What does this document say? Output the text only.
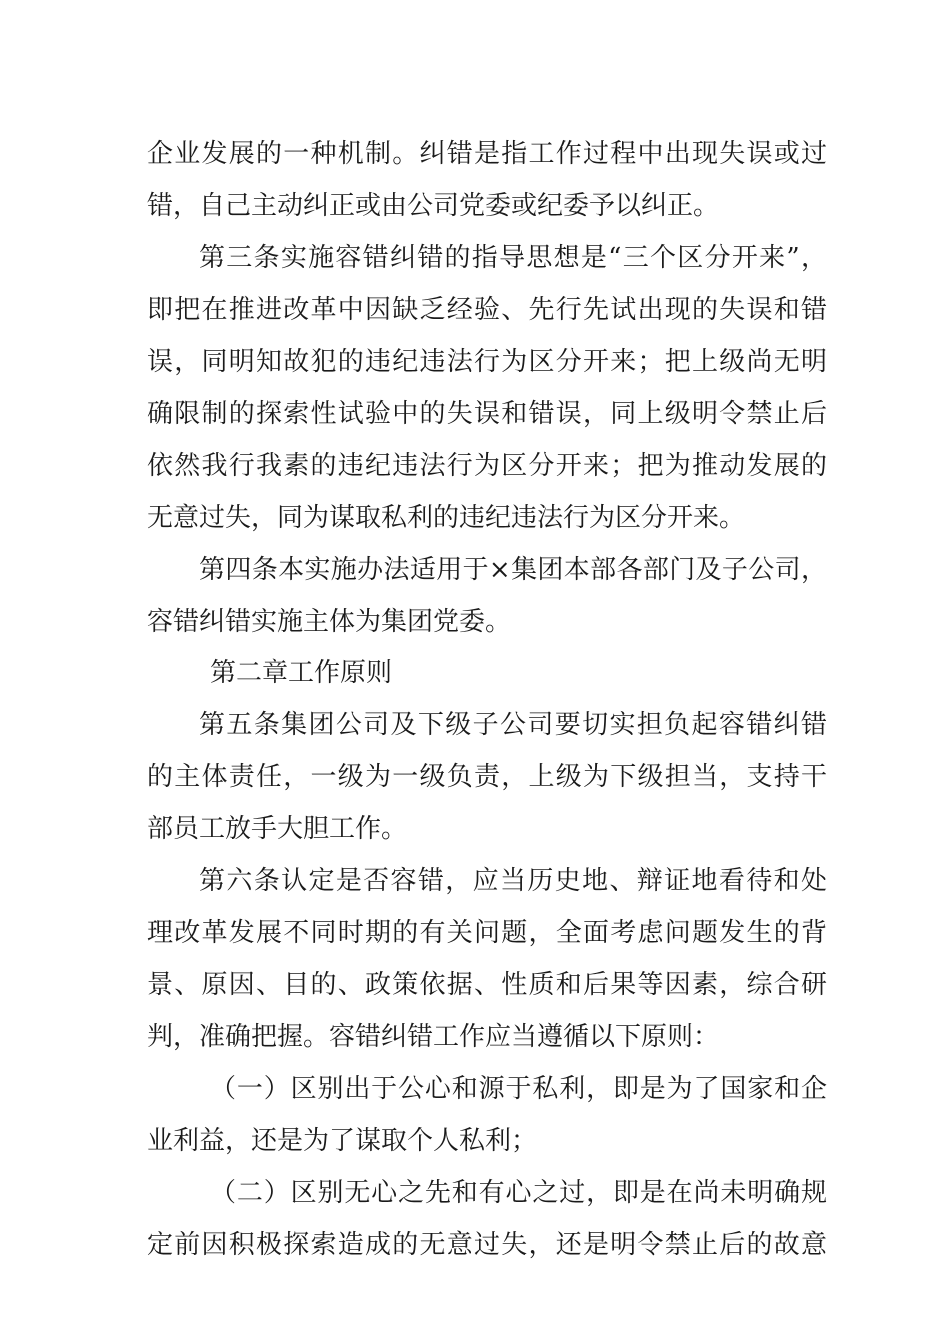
企业发展的一种机制。纠错是指工作过程中出现失误或过
错，自己主动纠正或由公司党委或纪委予以纠正。
第三条实施容错纠错的指导思想是“三个区分开来”，
即把在推进改革中因缺乏经验、先行先试出现的失误和错
误，同明知故犯的违纪违法行为区分开来；把上级尚无明
确限制的探索性试验中的失误和错误，同上级明令禁止后
依然我行我素的违纪违法行为区分开来；把为推动发展的
无意过失，同为谋取私利的违纪违法行为区分开来。
第四条本实施办法适用于×集团本部各部门及子公司，
容错纠错实施主体为集团党委。
第二章工作原则
第五条集团公司及下级子公司要切实担负起容错纠错
的主体责任，一级为一级负责，上级为下级担当，支持干
部员工放手大胆工作。
第六条认定是否容错，应当历史地、辩证地看待和处
理改革发展不同时期的有关问题，全面考虑问题发生的背
景、原因、目的、政策依据、性质和后果等因素，综合研
判，准确把握。容错纠错工作应当遵循以下原则：
（一）区别出于公心和源于私利，即是为了国家和企
业利益，还是为了谋取个人私利；
（二）区别无心之先和有心之过，即是在尚未明确规
定前因积极探索造成的无意过失，还是明令禁止后的故意
